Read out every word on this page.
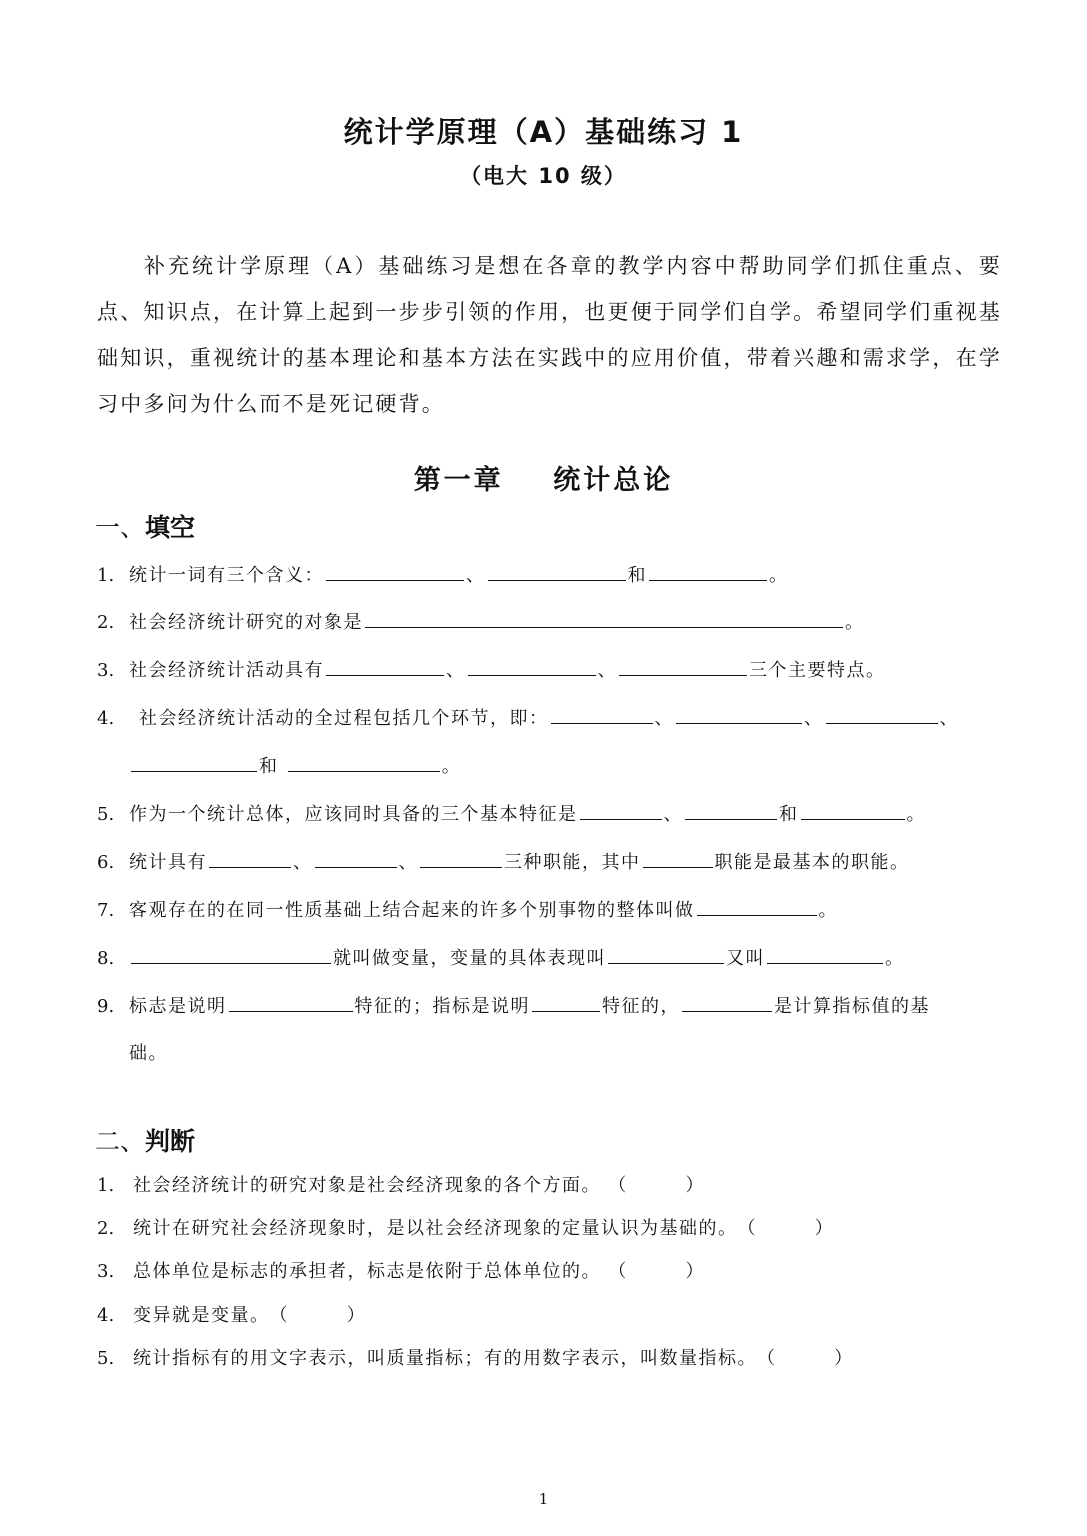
统计学原理（A）基础练习 1
（电大 10 级）
补充统计学原理（A）基础练习是想在各章的教学内容中帮助同学们抓住重点、要点、知识点，在计算上起到一步步引领的作用，也更便于同学们自学。希望同学们重视基础知识，重视统计的基本理论和基本方法在实践中的应用价值，带着兴趣和需求学，在学习中多问为什么而不是死记硬背。
第一章    统计总论
一、填空
1. 统计一词有三个含义：	、	和	。
2. 社会经济统计研究的对象是	。
3. 社会经济统计活动具有	、	、	三个主要特点。
4. 社会经济统计活动的全过程包括几个环节，即：	、	、	、
和	。
5. 作为一个统计总体，应该同时具备的三个基本特征是	、	和	。
6. 统计具有	、	、	三种职能，其中	职能是最基本的职能。
7. 客观存在的在同一性质基础上结合起来的许多个别事物的整体叫做	。
8.	就叫做变量，变量的具体表现叫	又叫	。
9. 标志是说明	特征的；指标是说明	特征的，	是计算指标值的基
础。
二、判断
1. 社会经济统计的研究对象是社会经济现象的各个方面。 （        ）
2. 统计在研究社会经济现象时，是以社会经济现象的定量认识为基础的。（        ）
3. 总体单位是标志的承担者，标志是依附于总体单位的。 （        ）
4. 变异就是变量。（        ）
5. 统计指标有的用文字表示，叫质量指标；有的用数字表示，叫数量指标。（        ）
1
